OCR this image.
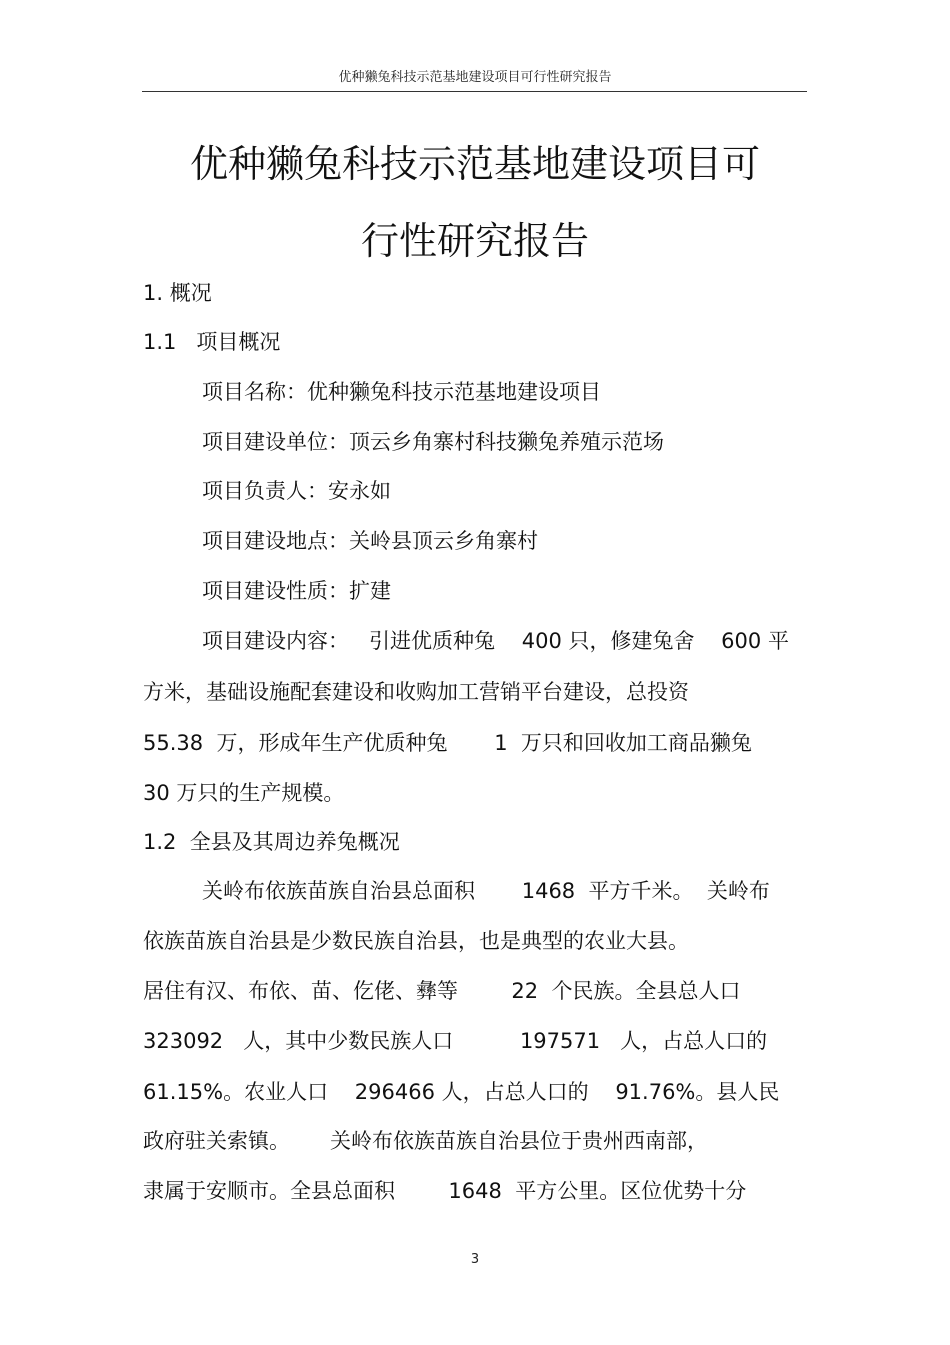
优种獭兔科技示范基地建设项目可行性研究报告
优种獭兔科技示范基地建设项目可
行性研究报告
1. 概况
1.1   项目概况
项目名称：优种獭兔科技示范基地建设项目
项目建设单位：顶云乡角寨村科技獭兔养殖示范场
项目负责人：安永如
项目建设地点：关岭县顶云乡角寨村
项目建设性质：扩建
项目建设内容：   引进优质种兔    400 只，修建兔舍    600 平
方米，基础设施配套建设和收购加工营销平台建设，总投资
55.38  万，形成年生产优质种兔       1  万只和回收加工商品獭兔
30 万只的生产规模。
1.2  全县及其周边养兔概况
关岭布依族苗族自治县总面积       1468  平方千米。  关岭布
依族苗族自治县是少数民族自治县，也是典型的农业大县。
居住有汉、布依、苗、仡佬、彝等        22  个民族。全县总人口
323092   人，其中少数民族人口          197571   人，占总人口的
61.15%。农业人口    296466 人，占总人口的    91.76%。县人民
政府驻关索镇。      关岭布依族苗族自治县位于贵州西南部，
隶属于安顺市。全县总面积        1648  平方公里。区位优势十分
3
